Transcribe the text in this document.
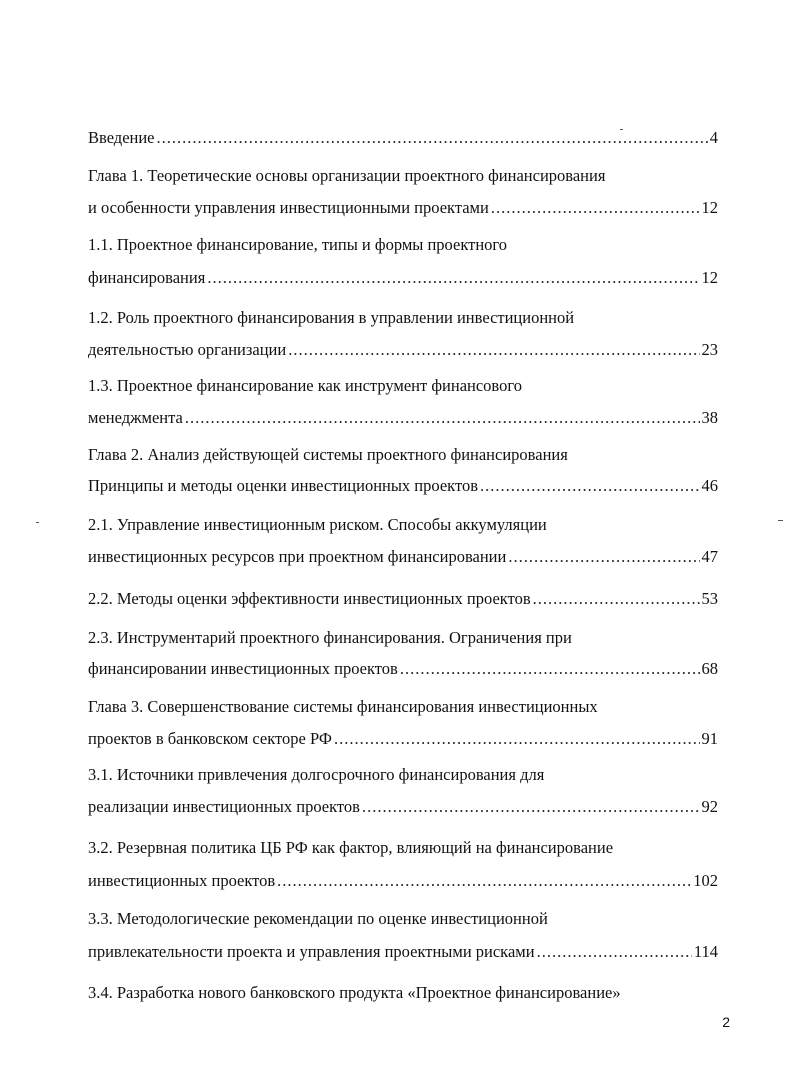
Введение .....	4
Глава 1. Теоретические основы организации проектного финансирования
и особенности управления инвестиционными проектами .....	12
1.1. Проектное финансирование, типы и формы проектного
финансирования .....	12
1.2. Роль проектного финансирования в управлении инвестиционной
деятельностью организации .....	23
1.3. Проектное финансирование как инструмент финансового
менеджмента .....	38
Глава 2. Анализ действующей системы проектного финансирования
Принципы и методы оценки инвестиционных проектов .....	46
2.1. Управление инвестиционным риском. Способы аккумуляции
инвестиционных ресурсов при проектном финансировании .....	47
2.2. Методы оценки эффективности инвестиционных проектов .....	53
2.3. Инструментарий проектного финансирования. Ограничения при
финансировании инвестиционных проектов .....	68
Глава 3. Совершенствование системы финансирования инвестиционных
проектов в банковском секторе РФ .....	91
3.1. Источники привлечения долгосрочного финансирования для
реализации инвестиционных проектов .....	92
3.2. Резервная политика ЦБ РФ как фактор, влияющий на финансирование
инвестиционных проектов .....	102
3.3. Методологические рекомендации по оценке инвестиционной
привлекательности проекта и управления проектными рисками .....	114
3.4. Разработка нового банковского продукта «Проектное финансирование»
2
